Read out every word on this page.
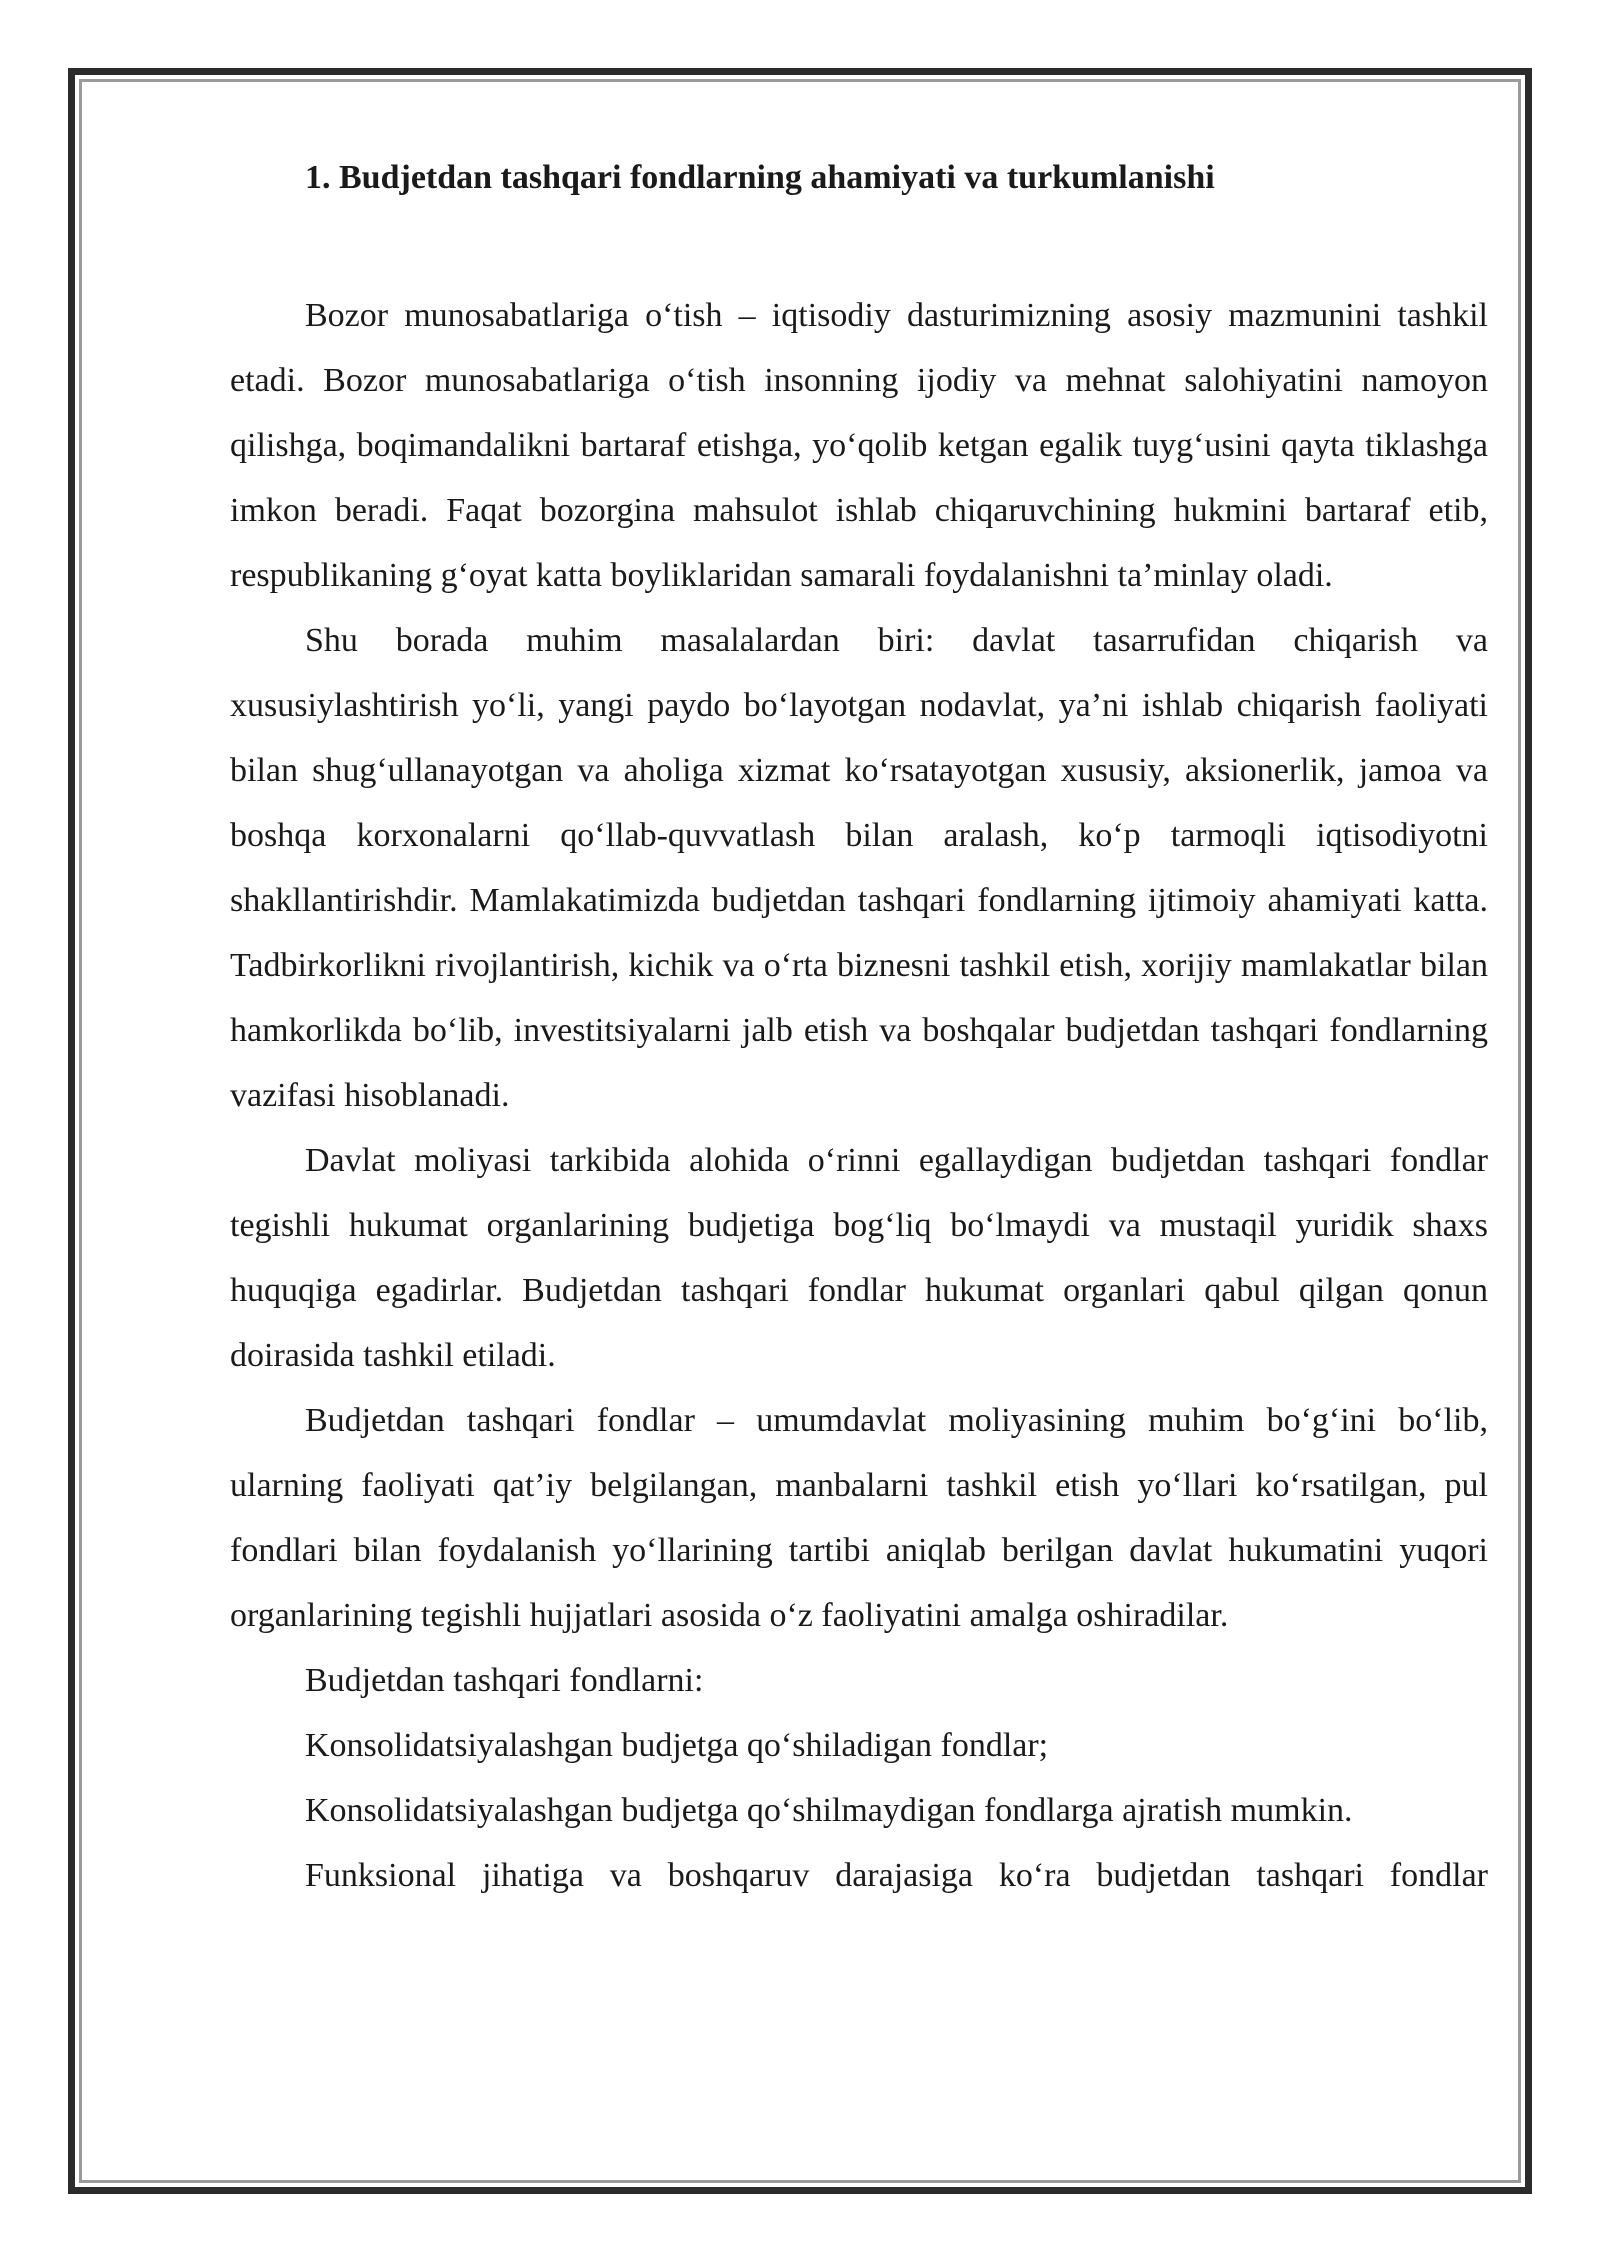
1. Budjetdan tashqari fondlarning ahamiyati va turkumlanishi

Bozor munosabatlariga o‘tish – iqtisodiy dasturimizning asosiy mazmunini tashkil etadi. Bozor munosabatlariga o‘tish insonning ijodiy va mehnat salohiyatini namoyon qilishga, boqimandalikni bartaraf etishga, yo‘qolib ketgan egalik tuyg‘usini qayta tiklashga imkon beradi. Faqat bozorgina mahsulot ishlab chiqaruvchining hukmini bartaraf etib, respublikaning g‘oyat katta boyliklaridan samarali foydalanishni ta’minlay oladi.

Shu borada muhim masalalardan biri: davlat tasarrufidan chiqarish va xususiylashtirish yo‘li, yangi paydo bo‘layotgan nodavlat, ya’ni ishlab chiqarish faoliyati bilan shug‘ullanayotgan va aholiga xizmat ko‘rsatayotgan xususiy, aksionerlik, jamoa va boshqa korxonalarni qo‘llab-quvvatlash bilan aralash, ko‘p tarmoqli iqtisodiyotni shakllantirishdir. Mamlakatimizda budjetdan tashqari fondlarning ijtimoiy ahamiyati katta. Tadbirkorlikni rivojlantirish, kichik va o‘rta biznesni tashkil etish, xorijiy mamlakatlar bilan hamkorlikda bo‘lib, investitsiyalarni jalb etish va boshqalar budjetdan tashqari fondlarning vazifasi hisoblanadi.

Davlat moliyasi tarkibida alohida o‘rinni egallaydigan budjetdan tashqari fondlar tegishli hukumat organlarining budjetiga bog‘liq bo‘lmaydi va mustaqil yuridik shaxs huquqiga egadirlar. Budjetdan tashqari fondlar hukumat organlari qabul qilgan qonun doirasida tashkil etiladi.

Budjetdan tashqari fondlar – umumdavlat moliyasining muhim bo‘g‘ini bo‘lib, ularning faoliyati qat’iy belgilangan, manbalarni tashkil etish yo‘llari ko‘rsatilgan, pul fondlari bilan foydalanish yo‘llarining tartibi aniqlab berilgan davlat hukumatini yuqori organlarining tegishli hujjatlari asosida o‘z faoliyatini amalga oshiradilar.

Budjetdan tashqari fondlarni:

Konsolidatsiyalashgan budjetga qo‘shiladigan fondlar;

Konsolidatsiyalashgan budjetga qo‘shilmaydigan fondlarga ajratish mumkin.

Funksional jihatiga va boshqaruv darajasiga ko‘ra budjetdan tashqari fondlar
